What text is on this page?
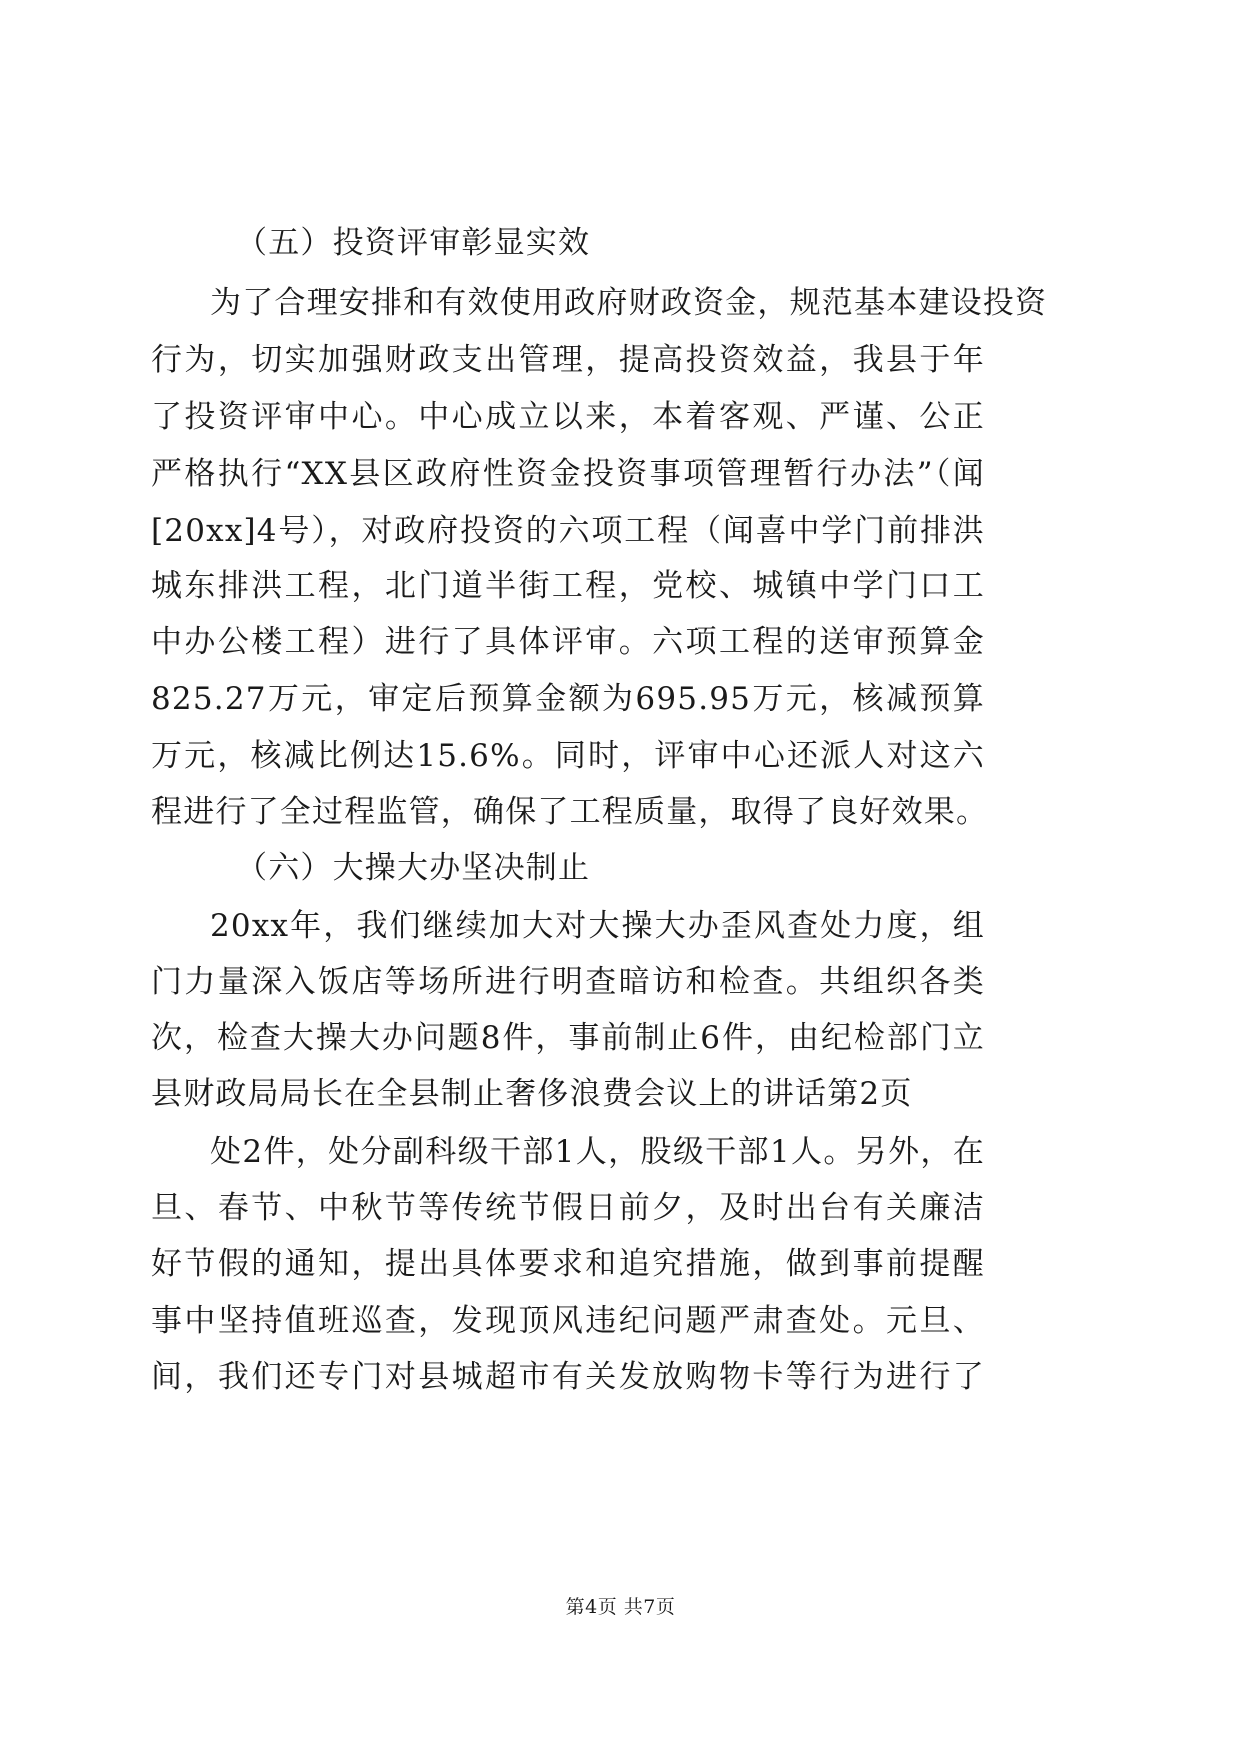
（五）投资评审彰显实效
为了合理安排和有效使用政府财政资金，规范基本建设投资
行为，切实加强财政支出管理，提高投资效益，我县于年
了投资评审中心。中心成立以来，本着客观、严谨、公正
严格执行“XX县区政府性资金投资事项管理暂行办法”（闻
[20xx]4号），对政府投资的六项工程（闻喜中学门前排洪
城东排洪工程，北门道半街工程，党校、城镇中学门口工
中办公楼工程）进行了具体评审。六项工程的送审预算金
825.27万元，审定后预算金额为695.95万元，核减预算
万元，核减比例达15.6%。同时，评审中心还派人对这六
程进行了全过程监管，确保了工程质量，取得了良好效果。
（六）大操大办坚决制止
20xx年，我们继续加大对大操大办歪风查处力度，组
门力量深入饭店等场所进行明查暗访和检查。共组织各类
次，检查大操大办问题8件，事前制止6件，由纪检部门立
县财政局局长在全县制止奢侈浪费会议上的讲话第2页
处2件，处分副科级干部1人，股级干部1人。另外，在
旦、春节、中秋节等传统节假日前夕，及时出台有关廉洁
好节假的通知，提出具体要求和追究措施，做到事前提醒
事中坚持值班巡查，发现顶风违纪问题严肃查处。元旦、
间，我们还专门对县城超市有关发放购物卡等行为进行了
第4页 共7页
